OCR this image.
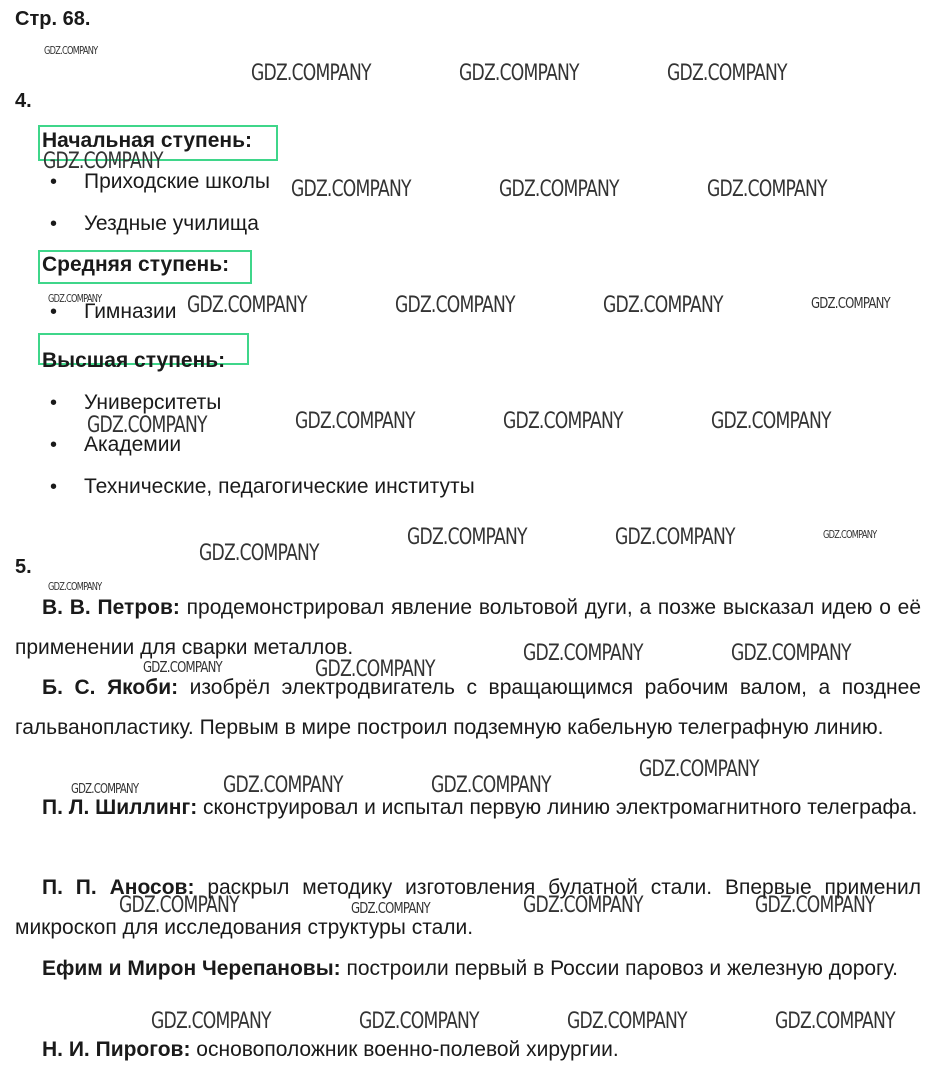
Стр. 68.
4.
Начальная ступень:
• Приходские школы
• Уездные училища
Средняя ступень:
• Гимназии
Высшая ступень:
• Университеты
• Академии
• Технические, педагогические институты
5.
В. В. Петров: продемонстрировал явление вольтовой дуги, а позже высказал идею о её применении для сварки металлов.
Б. С. Якоби: изобрёл электродвигатель с вращающимся рабочим валом, а позднее гальванопластику. Первым в мире построил подземную кабельную телеграфную линию.
П. Л. Шиллинг: сконструировал и испытал первую линию электромагнитного телеграфа.
П. П. Аносов: раскрыл методику изготовления булатной стали. Впервые применил микроскоп для исследования структуры стали.
Ефим и Мирон Черепановы: построили первый в России паровоз и железную дорогу.
Н. И. Пирогов: основоположник военно-полевой хирургии.
GDZ.COMPANY
GDZ.COMPANY	GDZ.COMPANY	GDZ.COMPANY
GDZ.COMPANY
GDZ.COMPANY	GDZ.COMPANY	GDZ.COMPANY
GDZ.COMPANY	GDZ.COMPANY	GDZ.COMPANY	GDZ.COMPANY	GDZ.COMPANY
GDZ.COMPANY	GDZ.COMPANY	GDZ.COMPANY	GDZ.COMPANY
GDZ.COMPANY
GDZ.COMPANY	GDZ.COMPANY	GDZ.COMPANY
GDZ.COMPANY
GDZ.COMPANY	GDZ.COMPANY
GDZ.COMPANY	GDZ.COMPANY
GDZ.COMPANY
GDZ.COMPANY	GDZ.COMPANY	GDZ.COMPANY
GDZ.COMPANY	GDZ.COMPANY	GDZ.COMPANY	GDZ.COMPANY
GDZ.COMPANY	GDZ.COMPANY	GDZ.COMPANY	GDZ.COMPANY
